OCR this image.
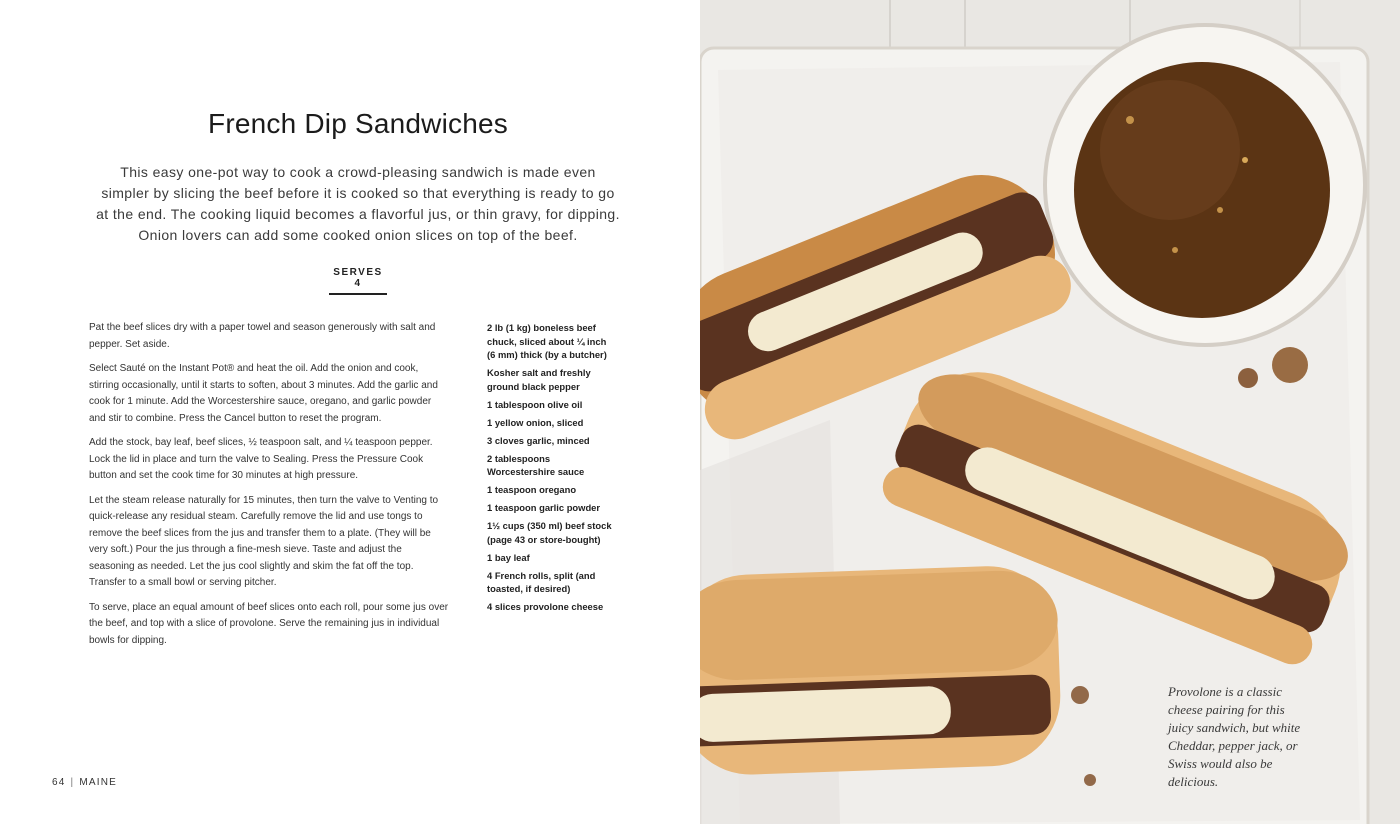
French Dip Sandwiches

This easy one-pot way to cook a crowd-pleasing sandwich is made even simpler by slicing the beef before it is cooked so that everything is ready to go at the end. The cooking liquid becomes a flavorful jus, or thin gravy, for dipping. Onion lovers can add some cooked onion slices on top of the beef.

SERVES 4

Pat the beef slices dry with a paper towel and season generously with salt and pepper. Set aside.

Select Sauté on the Instant Pot® and heat the oil. Add the onion and cook, stirring occasionally, until it starts to soften, about 3 minutes. Add the garlic and cook for 1 minute. Add the Worcestershire sauce, oregano, and garlic powder and stir to combine. Press the Cancel button to reset the program.

Add the stock, bay leaf, beef slices, ½ teaspoon salt, and ¼ teaspoon pepper. Lock the lid in place and turn the valve to Sealing. Press the Pressure Cook button and set the cook time for 30 minutes at high pressure.

Let the steam release naturally for 15 minutes, then turn the valve to Venting to quick-release any residual steam. Carefully remove the lid and use tongs to remove the beef slices from the jus and transfer them to a plate. (They will be very soft.) Pour the jus through a fine-mesh sieve. Taste and adjust the seasoning as needed. Let the jus cool slightly and skim the fat off the top. Transfer to a small bowl or serving pitcher.

To serve, place an equal amount of beef slices onto each roll, pour some jus over the beef, and top with a slice of provolone. Serve the remaining jus in individual bowls for dipping.

2 lb (1 kg) boneless beef chuck, sliced about ¼ inch (6 mm) thick (by a butcher)
Kosher salt and freshly ground black pepper
1 tablespoon olive oil
1 yellow onion, sliced
3 cloves garlic, minced
2 tablespoons Worcestershire sauce
1 teaspoon oregano
1 teaspoon garlic powder
1½ cups (350 ml) beef stock (page 43 or store-bought)
1 bay leaf
4 French rolls, split (and toasted, if desired)
4 slices provolone cheese
64 | MAINE

Provolone is a classic cheese pairing for this juicy sandwich, but white Cheddar, pepper jack, or Swiss would also be delicious.
